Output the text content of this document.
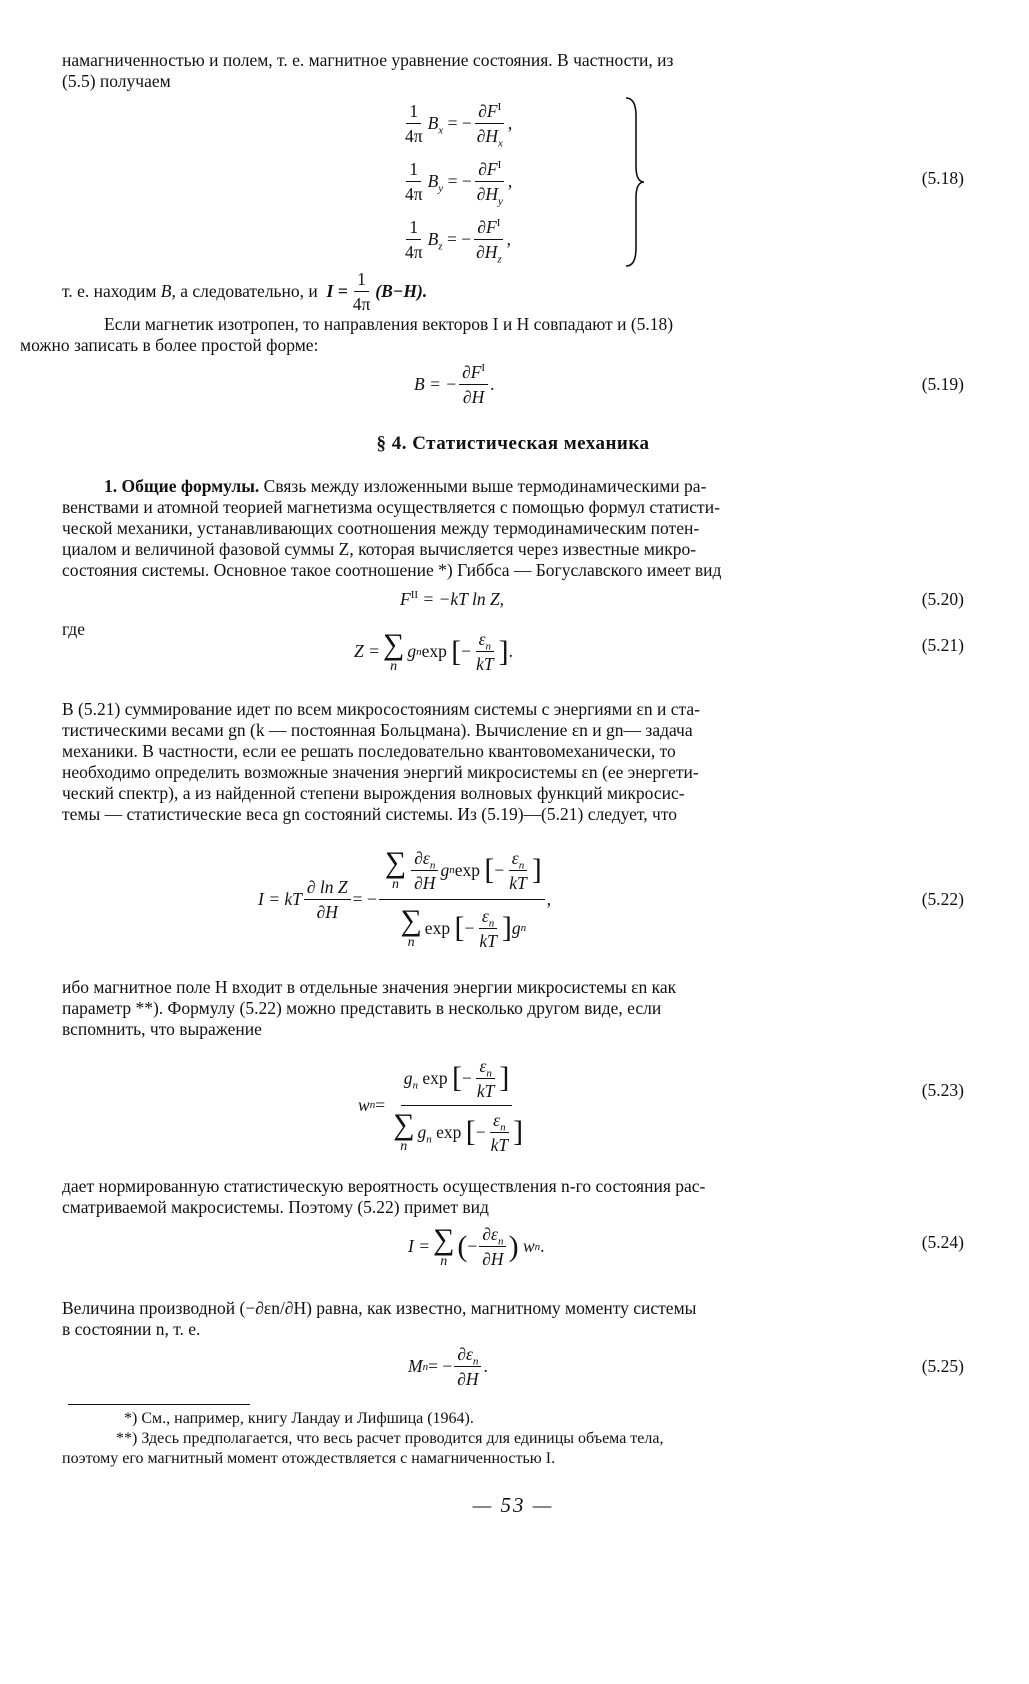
намагниченностью и полем, т. е. магнитное уравнение состояния. В частности, из
(5.5) получаем

$\frac{1}{4\pi} B_x$ = − $\frac{\partial F^I}{\partial H_x}$ ,
$\frac{1}{4\pi} B_y$ = − $\frac{\partial F^I}{\partial H_y}$ ,
$\frac{1}{4\pi} B_z$ = − $\frac{\partial F^I}{\partial H_z}$ ,
(5.18)
т. е. находим
B,
а следовательно, и
$I = \frac{1}{4\pi} (B-H)$.

Если магнетик изотропен, то направления векторов I и H совпадают и (5.18)
можно записать в более простой форме:

B = − $\frac{\partial F^I}{\partial H}$ .	(5.19)
§ 4. Статистическая механика

1. Общие формулы. Связь между изложенными выше термодинамическими ра-
венствами и атомной теорией магнетизма осуществляется с помощью формул статисти-
ческой механики, устанавливающих соотношения между термодинамическим потен-
циалом и величиной фазовой суммы Z, которая вычисляется через известные микро-
состояния системы. Основное такое соотношение *) Гиббса — Богуславского имеет вид

$F^{II} = -kT$ ln Z,	(5.20)
где
Z = ∑
n
g n exp
[ − $\frac{\varepsilon_n}{kT}$ ] .	(5.21)

В (5.21) суммирование идет по всем микросостояниям системы с энергиями εn и ста-
тистическими весами gn (k — постоянная Больцмана). Вычисление εn и gn— задача
механики. В частности, если ее решать последовательно квантовомеханически, то
необходимо определить возможные значения энергий микросистемы εn (ее энергети-
ческий спектр), а из найденной степени вырождения волновых функций микросис-
темы — статистические веса gn состояний системы. Из (5.19)—(5.21) следует, что

I = kT $\frac{\text{∂ ln Z}}{\partial H}$ = − ∑
n $\frac{\partial\varepsilon_n}{\partial H}$ g n exp
[ − $\frac{\varepsilon_n}{kT}$ ]
∑
n
exp
[ − $\frac{\varepsilon_n}{kT}$ ] g n ,	(5.22)

ибо магнитное поле H входит в отдельные значения энергии микросистемы εn как
параметр **). Формулу (5.22) можно представить в несколько другом виде, если
вспомнить, что выражение

w $n = g_n$ exp [ − $\frac{\varepsilon_n}{kT}$ ]
∑
n
$g_n$ exp [ − $\frac{\varepsilon_n}{kT}$ ]	(5.23)

дает нормированную статистическую вероятность осуществления n-го состояния рас-
сматриваемой макросистемы. Поэтому (5.22) примет вид

I = ∑
n ( − $\frac{\partial\varepsilon_n}{\partial H}$ )
w n .	(5.24)

Величина производной (−∂εn/∂H) равна, как известно, магнитному моменту системы
в состоянии n, т. е.

M n = − $\frac{\partial\varepsilon_n}{\partial H}$ .	(5.25)
*) См., например, книгу Ландау и Лифшица (1964).
**) Здесь предполагается, что весь расчет проводится для единицы объема тела,
поэтому его магнитный момент отождествляется с намагниченностью I.
— 53 —
